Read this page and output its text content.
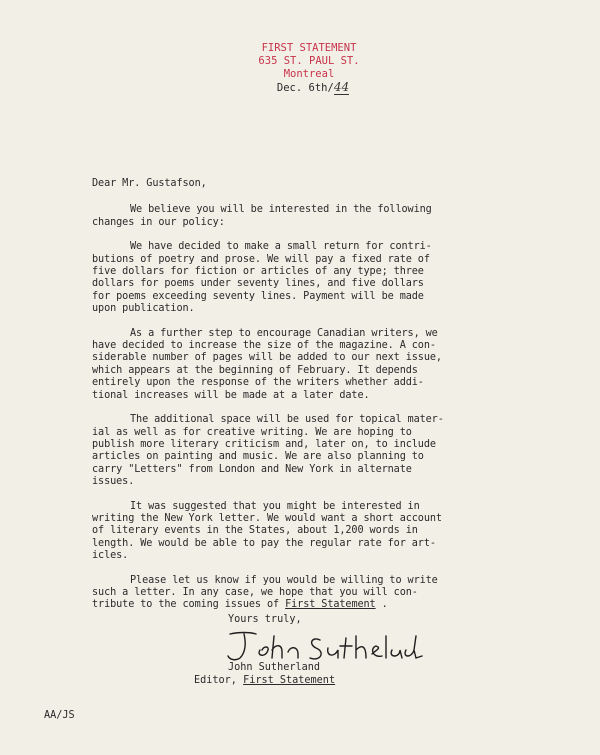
FIRST STATEMENT
635 ST. PAUL ST.
Montreal
Dec. 6th/44

Dear Mr. Gustafson,

We believe you will be interested in the following
changes in our policy:

We have decided to make a small return for contri-
butions of poetry and prose. We will pay a fixed rate of
five dollars for fiction or articles of any type; three
dollars for poems under seventy lines, and five dollars
for poems exceeding seventy lines. Payment will be made
upon publication.

As a further step to encourage Canadian writers, we
have decided to increase the size of the magazine. A con-
siderable number of pages will be added to our next issue,
which appears at the beginning of February. It depends
entirely upon the response of the writers whether addi-
tional increases will be made at a later date.

The additional space will be used for topical mater-
ial as well as for creative writing. We are hoping to
publish more literary criticism and, later on, to include
articles on painting and music. We are also planning to
carry "Letters" from London and New York in alternate
issues.

It was suggested that you might be interested in
writing the New York letter. We would want a short account
of literary events in the States, about 1,200 words in
length. We would be able to pay the regular rate for art-
icles.

Please let us know if you would be willing to write
such a letter. In any case, we hope that you will con-
tribute to the coming issues of First Statement .

Yours truly,
John Sutherland
Editor, First Statement
AA/JS
